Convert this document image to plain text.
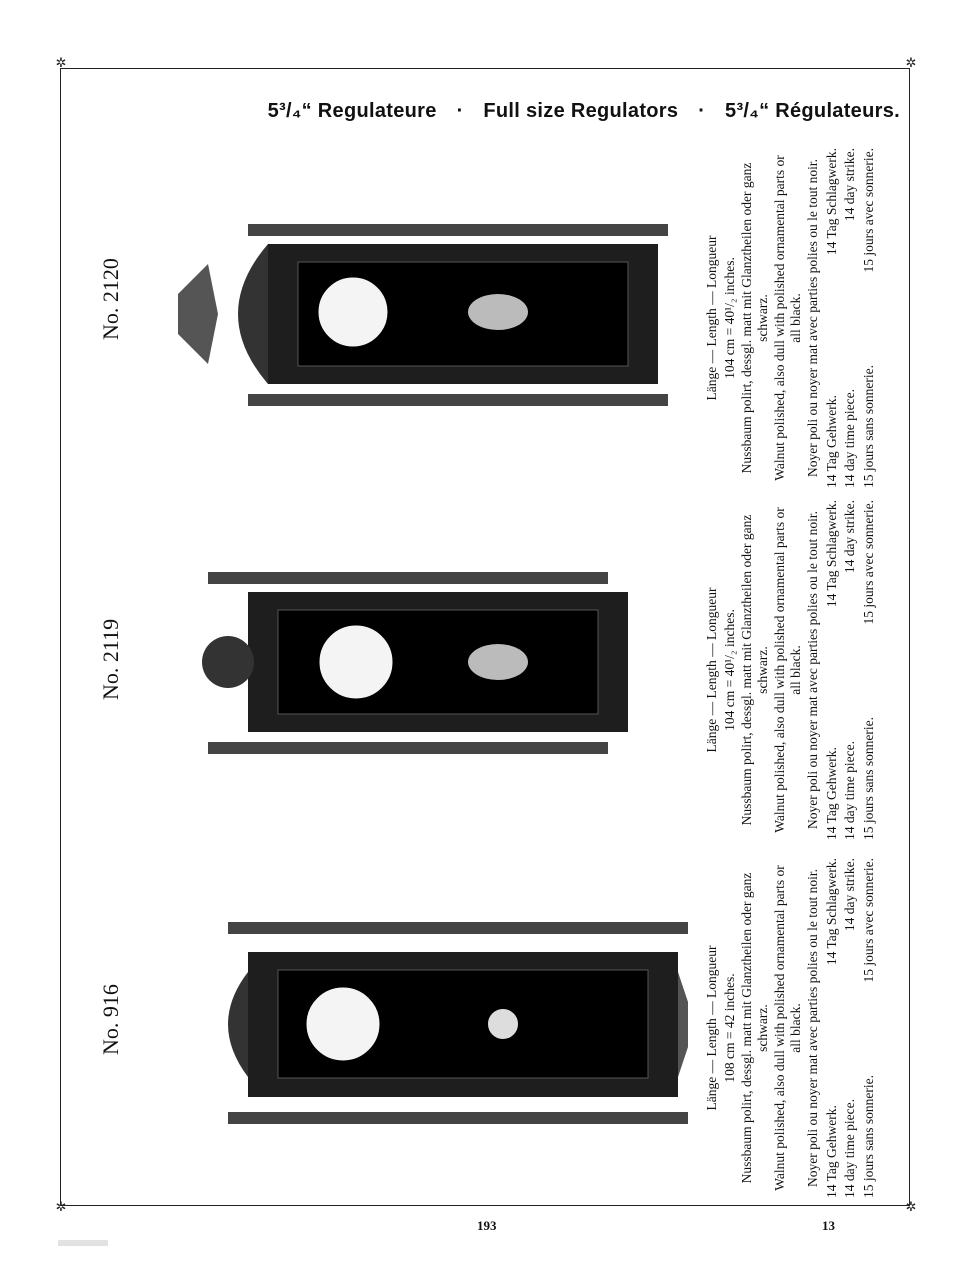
✲	✲
✲	✲
5³/₄“ Regulateure · Full size Regulators · 5³/₄“ Régulateurs.
No. 916
No. 2119
No. 2120

Länge — Length — Longueur 108 cm = 42 inches. Nussbaum polirt, dessgl. matt mit Glanztheilen oder ganz schwarz. Walnut polished, also dull with polished ornamental parts or all black. Noyer poli ou noyer mat avec parties polies ou le tout noir. 14 Tag Gehwerk.
14 Tag Schlagwerk.
14 day time piece.
14 day strike.
15 jours sans sonnerie.
15 jours avec sonnerie.

Länge — Length — Longueur 104 cm = 40¹/₂ inches. Nussbaum polirt, dessgl. matt mit Glanztheilen oder ganz schwarz. Walnut polished, also dull with polished ornamental parts or all black. Noyer poli ou noyer mat avec parties polies ou le tout noir. 14 Tag Gehwerk.
14 Tag Schlagwerk.
14 day time piece.
14 day strike.
15 jours sans sonnerie.
15 jours avec sonnerie.

Länge — Length — Longueur 104 cm = 40¹/₂ inches. Nussbaum polirt, dessgl. matt mit Glanztheilen oder ganz schwarz. Walnut polished, also dull with polished ornamental parts or all black. Noyer poli ou noyer mat avec parties polies ou le tout noir. 14 Tag Gehwerk.
14 Tag Schlagwerk.
14 day time piece.
14 day strike.
15 jours sans sonnerie.
15 jours avec sonnerie.
193	13
